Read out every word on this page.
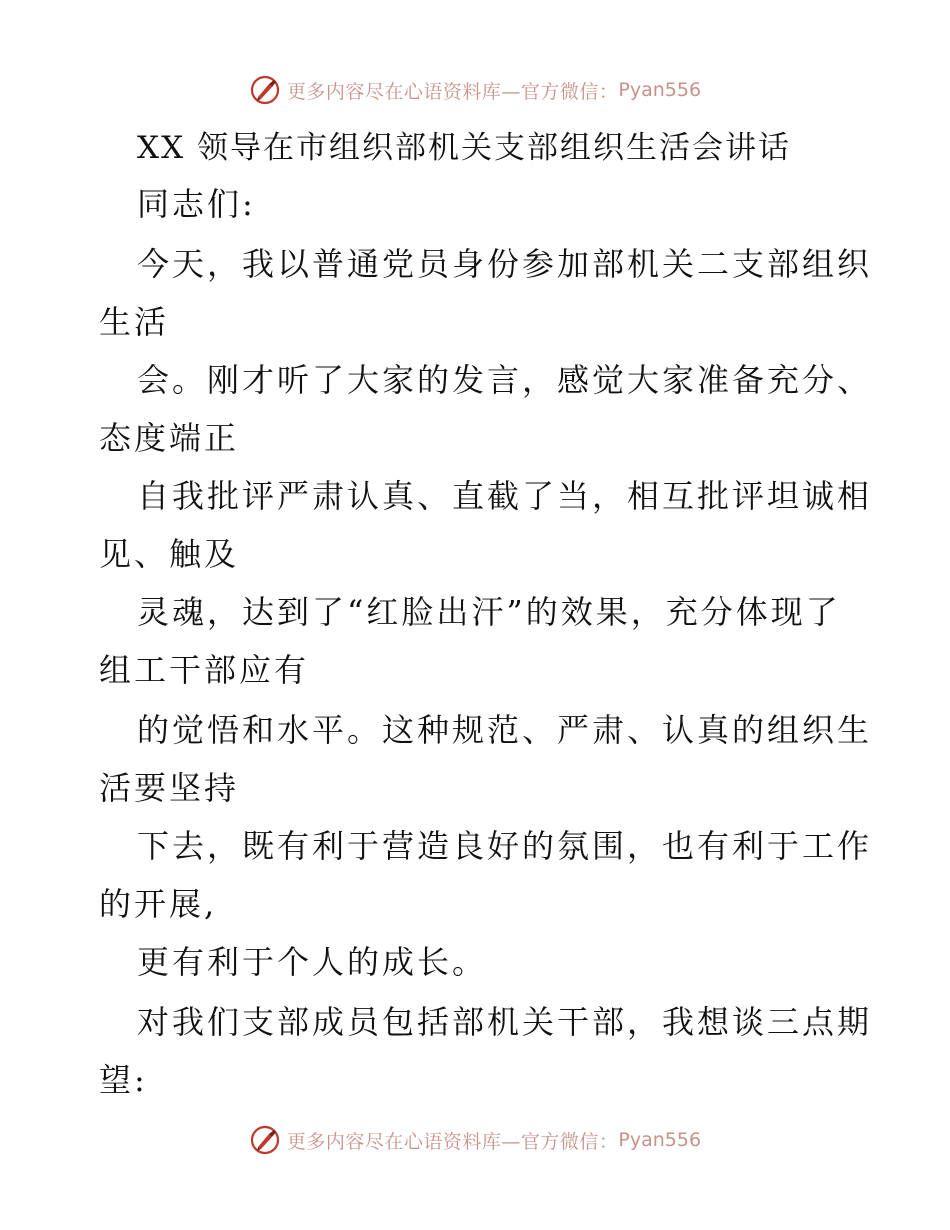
更多内容尽在心语资料库—官方微信： Pyan556
XX 领导在市组织部机关支部组织生活会讲话
同志们:
今天，我以普通党员身份参加部机关二支部组织
生活
会。刚才听了大家的发言，感觉大家准备充分、
态度端正
自我批评严肃认真、直截了当，相互批评坦诚相
见、触及
灵魂，达到了“红脸出汗”的效果，充分体现了
组工干部应有
的觉悟和水平。这种规范、严肃、认真的组织生
活要坚持
下去，既有利于营造良好的氛围，也有利于工作
的开展,
更有利于个人的成长。
对我们支部成员包括部机关干部，我想谈三点期
望:
更多内容尽在心语资料库—官方微信： Pyan556
